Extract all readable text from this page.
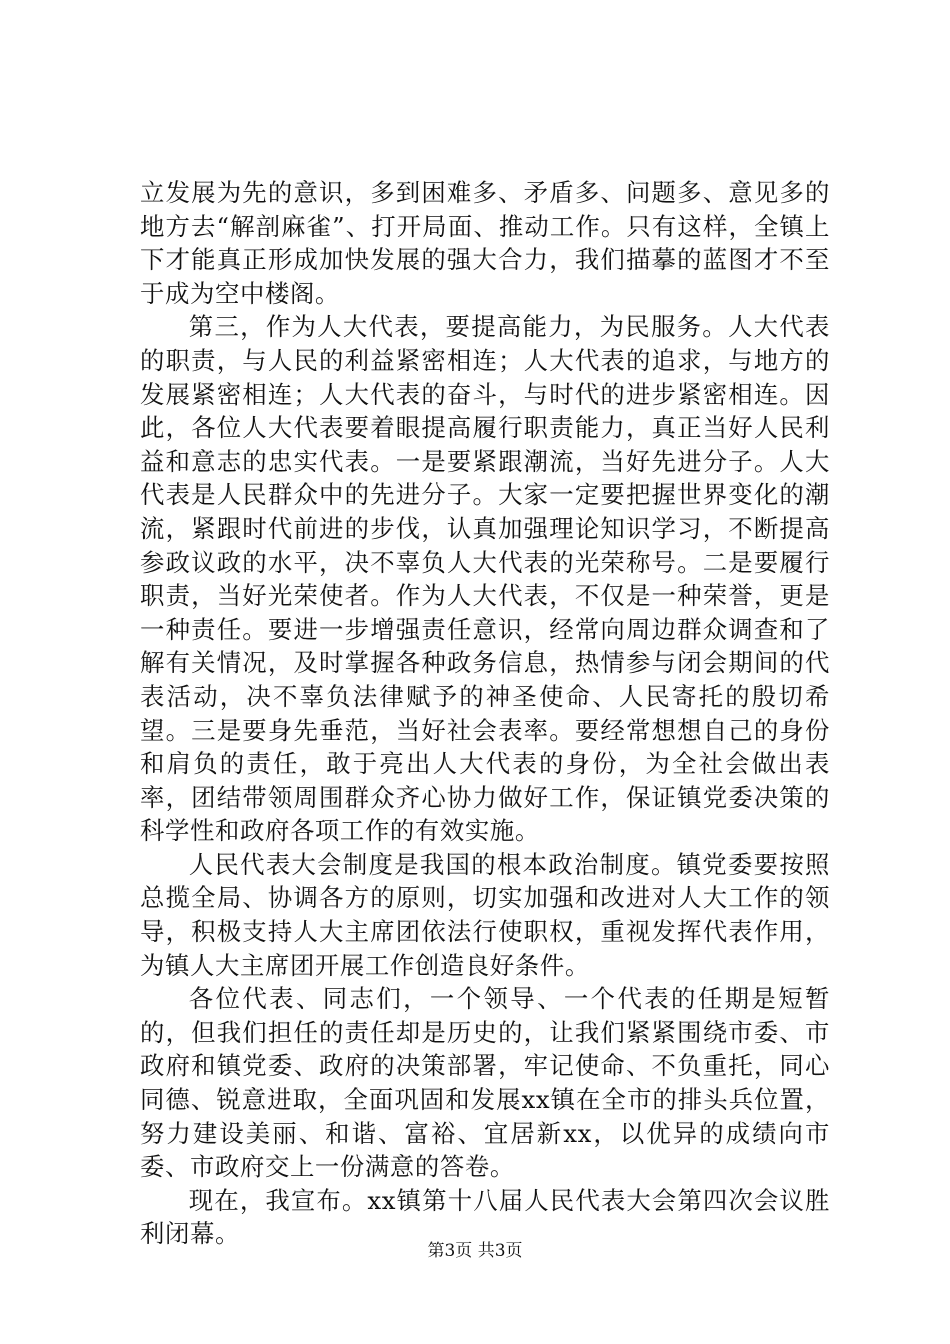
立发展为先的意识，多到困难多、矛盾多、问题多、意见多的地方去“解剖麻雀”、打开局面、推动工作。只有这样，全镇上下才能真正形成加快发展的强大合力，我们描摹的蓝图才不至于成为空中楼阁。

第三，作为人大代表，要提高能力，为民服务。人大代表的职责，与人民的利益紧密相连；人大代表的追求，与地方的发展紧密相连；人大代表的奋斗，与时代的进步紧密相连。因此，各位人大代表要着眼提高履行职责能力，真正当好人民利益和意志的忠实代表。一是要紧跟潮流，当好先进分子。人大代表是人民群众中的先进分子。大家一定要把握世界变化的潮流，紧跟时代前进的步伐，认真加强理论知识学习，不断提高参政议政的水平，决不辜负人大代表的光荣称号。二是要履行职责，当好光荣使者。作为人大代表，不仅是一种荣誉，更是一种责任。要进一步增强责任意识，经常向周边群众调查和了解有关情况，及时掌握各种政务信息，热情参与闭会期间的代表活动，决不辜负法律赋予的神圣使命、人民寄托的殷切希望。三是要身先垂范，当好社会表率。要经常想想自己的身份和肩负的责任，敢于亮出人大代表的身份，为全社会做出表率，团结带领周围群众齐心协力做好工作，保证镇党委决策的科学性和政府各项工作的有效实施。

人民代表大会制度是我国的根本政治制度。镇党委要按照总揽全局、协调各方的原则，切实加强和改进对人大工作的领导，积极支持人大主席团依法行使职权，重视发挥代表作用，为镇人大主席团开展工作创造良好条件。

各位代表、同志们，一个领导、一个代表的任期是短暂的，但我们担任的责任却是历史的，让我们紧紧围绕市委、市政府和镇党委、政府的决策部署，牢记使命、不负重托，同心同德、锐意进取，全面巩固和发展xx镇在全市的排头兵位置，努力建设美丽、和谐、富裕、宜居新xx，以优异的成绩向市委、市政府交上一份满意的答卷。

现在，我宣布。xx镇第十八届人民代表大会第四次会议胜利闭幕。

第3页 共3页
